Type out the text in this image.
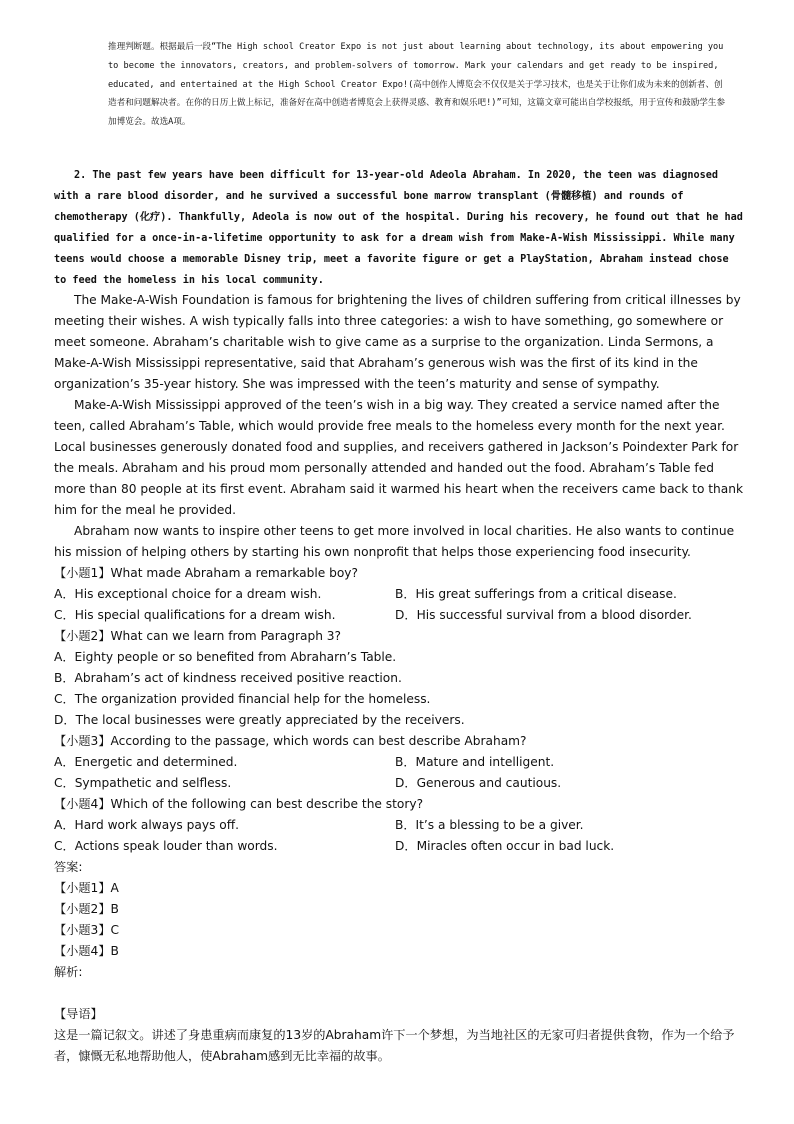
推理判断题。根据最后一段“The High school Creator Expo is not just about learning about technology, its about empowering you to become the innovators, creators, and problem-solvers of tomorrow. Mark your calendars and get ready to be inspired, educated, and entertained at the High School Creator Expo!(高中创作人博览会不仅仅是关于学习技术，也是关于让你们成为未来的创新者、创造者和问题解决者。在你的日历上做上标记，准备好在高中创造者博览会上获得灵感、教育和娱乐吧!)”可知，这篇文章可能出自学校报纸，用于宣传和鼓励学生参加博览会。故选A项。
2. The past few years have been difficult for 13-year-old Adeola Abraham. In 2020, the teen was diagnosed with a rare blood disorder, and he survived a successful bone marrow transplant (骨髓移植) and rounds of chemotherapy (化疗). Thankfully, Adeola is now out of the hospital. During his recovery, he found out that he had qualified for a once-in-a-lifetime opportunity to ask for a dream wish from Make-A-Wish Mississippi. While many teens would choose a memorable Disney trip, meet a favorite figure or get a PlayStation, Abraham instead chose to feed the homeless in his local community.

The Make-A-Wish Foundation is famous for brightening the lives of children suffering from critical illnesses by meeting their wishes. A wish typically falls into three categories: a wish to have something, go somewhere or meet someone. Abraham’s charitable wish to give came as a surprise to the organization. Linda Sermons, a Make-A-Wish Mississippi representative, said that Abraham’s generous wish was the first of its kind in the organization’s 35-year history. She was impressed with the teen’s maturity and sense of sympathy.

Make-A-Wish Mississippi approved of the teen’s wish in a big way. They created a service named after the teen, called Abraham’s Table, which would provide free meals to the homeless every month for the next year. Local businesses generously donated food and supplies, and receivers gathered in Jackson’s Poindexter Park for the meals. Abraham and his proud mom personally attended and handed out the food. Abraham’s Table fed more than 80 people at its first event. Abraham said it warmed his heart when the receivers came back to thank him for the meal he provided.

Abraham now wants to inspire other teens to get more involved in local charities. He also wants to continue his mission of helping others by starting his own nonprofit that helps those experiencing food insecurity.

【小题1】What made Abraham a remarkable boy?

A．His exceptional choice for a dream wish.	B．His great sufferings from a critical disease.
C．His special qualifications for a dream wish.	D．His successful survival from a blood disorder.

【小题2】What can we learn from Paragraph 3?

A．Eighty people or so benefited from Abraharn’s Table.

B．Abraham’s act of kindness received positive reaction.

C．The organization provided financial help for the homeless.

D．The local businesses were greatly appreciated by the receivers.

【小题3】According to the passage, which words can best describe Abraham?

A．Energetic and determined.	B．Mature and intelligent.
C．Sympathetic and selfless.	D．Generous and cautious.

【小题4】Which of the following can best describe the story?

A．Hard work always pays off.	B．It’s a blessing to be a giver.
C．Actions speak louder than words.	D．Miracles often occur in bad luck.

答案:

【小题1】A

【小题2】B

【小题3】C

【小题4】B

解析:

【导语】

这是一篇记叙文。讲述了身患重病而康复的13岁的Abraham许下一个梦想，为当地社区的无家可归者提供食物，作为一个给予者，慷慨无私地帮助他人，使Abraham感到无比幸福的故事。
